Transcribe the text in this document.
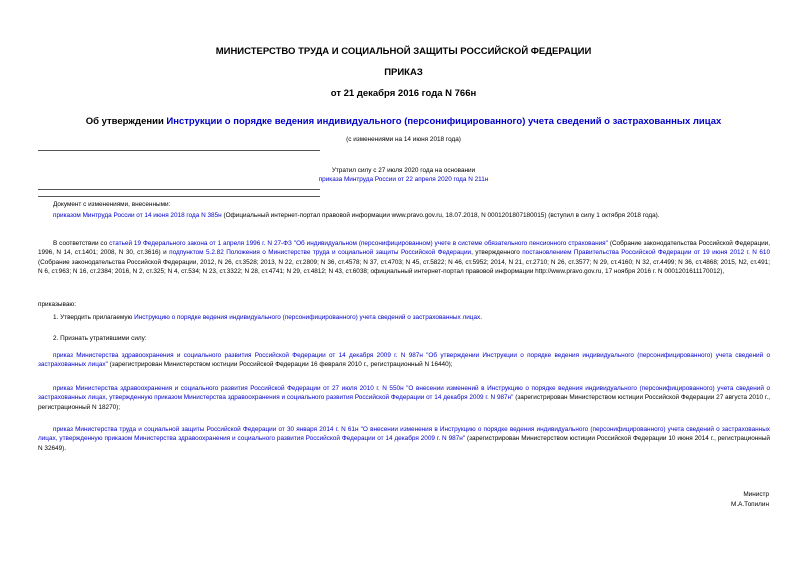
МИНИСТЕРСТВО ТРУДА И СОЦИАЛЬНОЙ ЗАЩИТЫ РОССИЙСКОЙ ФЕДЕРАЦИИ
ПРИКАЗ
от 21 декабря 2016 года N 766н
Об утверждении Инструкции о порядке ведения индивидуального (персонифицированного) учета сведений о застрахованных лицах
(с изменениями на 14 июня 2018 года)
Утратил силу с 27 июля 2020 года на основании
приказа Минтруда России от 22 апреля 2020 года N 211н
Документ с изменениями, внесенными:
приказом Минтруда России от 14 июня 2018 года N 385н (Официальный интернет-портал правовой информации www.pravo.gov.ru, 18.07.2018, N 0001201807180015) (вступил в силу 1 октября 2018 года).
В соответствии со статьей 19 Федерального закона от 1 апреля 1996 г. N 27-ФЗ "Об индивидуальном (персонифицированном) учете в системе обязательного пенсионного страхования" (Собрание законодательства Российской Федерации, 1996, N 14, ст.1401; 2008, N 30, ст.3616) и подпунктом 5.2.82 Положения о Министерстве труда и социальной защиты Российской Федерации, утвержденного постановлением Правительства Российской Федерации от 19 июня 2012 г. N 610 (Собрание законодательства Российской Федерации, 2012, N 26, ст.3528; 2013, N 22, ст.2809; N 36, ст.4578; N 37, ст.4703; N 45, ст.5822; N 46, ст.5952; 2014, N 21, ст.2710; N 26, ст.3577; N 29, ст.4160; N 32, ст.4499; N 36, ст.4868; 2015, N2, ст.491; N 6, ст.963; N 16, ст.2384; 2016, N 2, ст.325; N 4, ст.534; N 23, ст.3322; N 28, ст.4741; N 29, ст.4812; N 43, ст.6038; официальный интернет-портал правовой информации http://www.pravo.gov.ru, 17 ноября 2016 г. N 0001201611170012),
приказываю:
1. Утвердить прилагаемую Инструкцию о порядке ведения индивидуального (персонифицированного) учета сведений о застрахованных лицах.
2. Признать утратившими силу:
приказ Министерства здравоохранения и социального развития Российской Федерации от 14 декабря 2009 г. N 987н "Об утверждении Инструкции о порядке ведения индивидуального (персонифицированного) учета сведений о застрахованных лицах" (зарегистрирован Министерством юстиции Российской Федерации 16 февраля 2010 г., регистрационный N 16440);
приказ Министерства здравоохранения и социального развития Российской Федерации от 27 июля 2010 г. N 550н "О внесении изменений в Инструкцию о порядке ведения индивидуального (персонифицированного) учета сведений о застрахованных лицах, утвержденную приказом Министерства здравоохранения и социального развития Российской Федерации от 14 декабря 2009 г. N 987н" (зарегистрирован Министерством юстиции Российской Федерации 27 августа 2010 г., регистрационный N 18270);
приказ Министерства труда и социальной защиты Российской Федерации от 30 января 2014 г. N 61н "О внесении изменения в Инструкцию о порядке ведения индивидуального (персонифицированного) учета сведений о застрахованных лицах, утвержденную приказом Министерства здравоохранения и социального развития Российской Федерации от 14 декабря 2009 г. N 987н" (зарегистрирован Министерством юстиции Российской Федерации 10 июня 2014 г., регистрационный N 32649).
Министр
М.А.Топилин
